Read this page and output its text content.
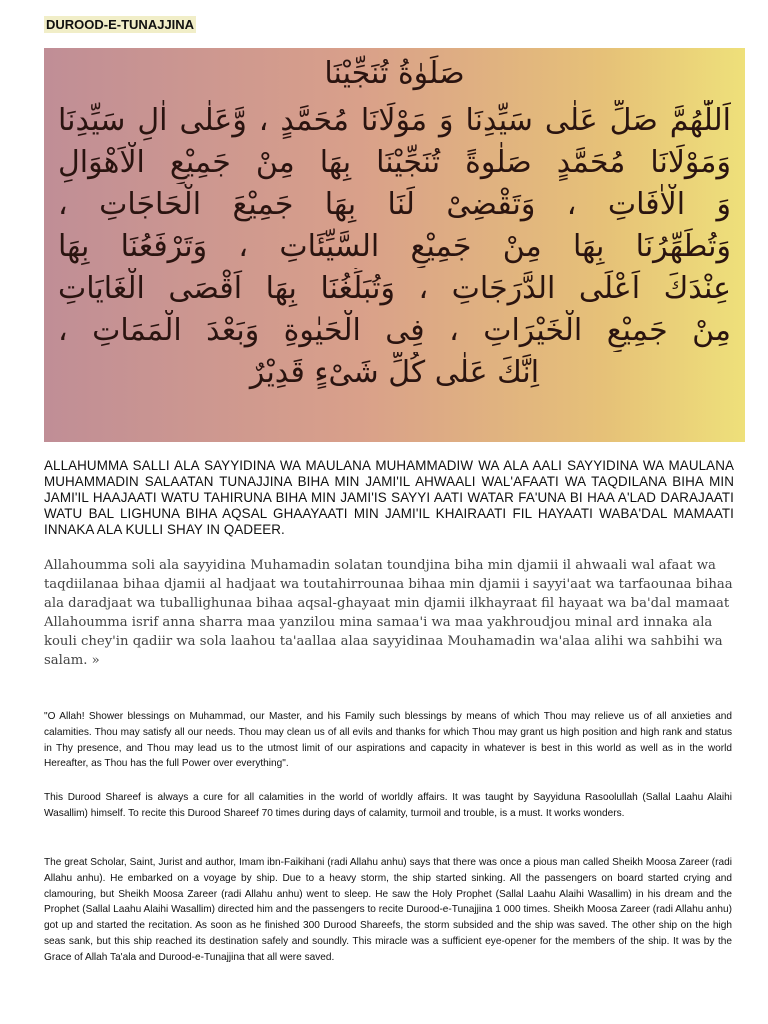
DUROOD-E-TUNAJJINA
صَلَوٰةُ تُنَجِّيْنَا
اَللّٰهُمَّ صَلِّ عَلٰى سَيِّدِنَا وَ مَوْلَانَا مُحَمَّدٍ ، وَّعَلٰى اٰلِ سَيِّدِنَا
وَمَوْلَانَا مُحَمَّدٍ صَلٰوةً تُنَجِّيْنَا بِهَا مِنْ جَمِيْعِ الْاَهْوَالِ
وَ الْاٰفَاتِ ، وَتَقْضِىْ لَنَا بِهَا جَمِيْعَ الْحَاجَاتِ ،
وَتُطَهِّرُنَا بِهَا مِنْ جَمِيْعِ السَّيِّئَاتِ ، وَتَرْفَعُنَا بِهَا
عِنْدَكَ اَعْلَى الدَّرَجَاتِ ، وَتُبَلِّغُنَا بِهَا اَقْصَى الْغَايَاتِ
مِنْ جَمِيْعِ الْخَيْرَاتِ ، فِى الْحَيٰوةِ وَبَعْدَ الْمَمَاتِ ،
اِنَّكَ عَلٰى كُلِّ شَىْءٍ قَدِيْرٌ
ALLAHUMMA SALLI ALA SAYYIDINA WA MAULANA MUHAMMADIW WA ALA AALI SAYYIDINA WA MAULANA MUHAMMADIN SALAATAN TUNAJJINA BIHA MIN JAMI'IL AHWAALI WAL'AFAATI WA TAQDILANA BIHA MIN JAMI'IL HAAJAATI WATU TAHIRUNA BIHA MIN JAMI'IS SAYYI AATI WATAR FA'UNA BI HAA A'LAD DARAJAATI WATU BAL LIGHUNA BIHA AQSAL GHAAYAATI MIN JAMI'IL KHAIRAATI FIL HAYAATI WABA'DAL MAMAATI INNAKA ALA KULLI SHAY IN QADEER.
Allahoumma soli ala sayyidina Muhamadin solatan toundjina biha min djamii il ahwaali wal afaat wa taqdiilanaa bihaa djamii al hadjaat wa toutahirrounaa bihaa min djamii i sayyi'aat wa tarfaounaa bihaa ala daradjaat wa tuballighunaa bihaa aqsal-ghayaat min djamii ilkhayraat fil hayaat wa ba'dal mamaat Allahoumma isrif anna sharra maa yanzilou mina samaa'i wa maa yakhroudjou minal ard innaka ala kouli chey'in qadiir wa sola laahou ta'aallaa alaa sayyidinaa Mouhamadin wa'alaa alihi wa sahbihi wa salam. »
"O Allah! Shower blessings on Muhammad, our Master, and his Family such blessings by means of which Thou may relieve us of all anxieties and calamities. Thou may satisfy all our needs. Thou may clean us of all evils and thanks for which Thou may grant us high position and high rank and status in Thy presence, and Thou may lead us to the utmost limit of our aspirations and capacity in whatever is best in this world as well as in the world Hereafter, as Thou has the full Power over everything".
This Durood Shareef is always a cure for all calamities in the world of worldly affairs. It was taught by Sayyiduna Rasoolullah (Sallal Laahu Alaihi Wasallim) himself. To recite this Durood Shareef 70 times during days of calamity, turmoil and trouble, is a must. It works wonders.
The great Scholar, Saint, Jurist and author, Imam ibn-Faikihani (radi Allahu anhu) says that there was once a pious man called Sheikh Moosa Zareer (radi Allahu anhu). He embarked on a voyage by ship. Due to a heavy storm, the ship started sinking. All the passengers on board started crying and clamouring, but Sheikh Moosa Zareer (radi Allahu anhu) went to sleep. He saw the Holy Prophet (Sallal Laahu Alaihi Wasallim) in his dream and the Prophet (Sallal Laahu Alaihi Wasallim) directed him and the passengers to recite Durood-e-Tunajjina 1 000 times. Sheikh Moosa Zareer (radi Allahu anhu) got up and started the recitation. As soon as he finished 300 Durood Shareefs, the storm subsided and the ship was saved. The other ship on the high seas sank, but this ship reached its destination safely and soundly. This miracle was a sufficient eye-opener for the members of the ship. It was by the Grace of Allah Ta'ala and Durood-e-Tunajjina that all were saved.
